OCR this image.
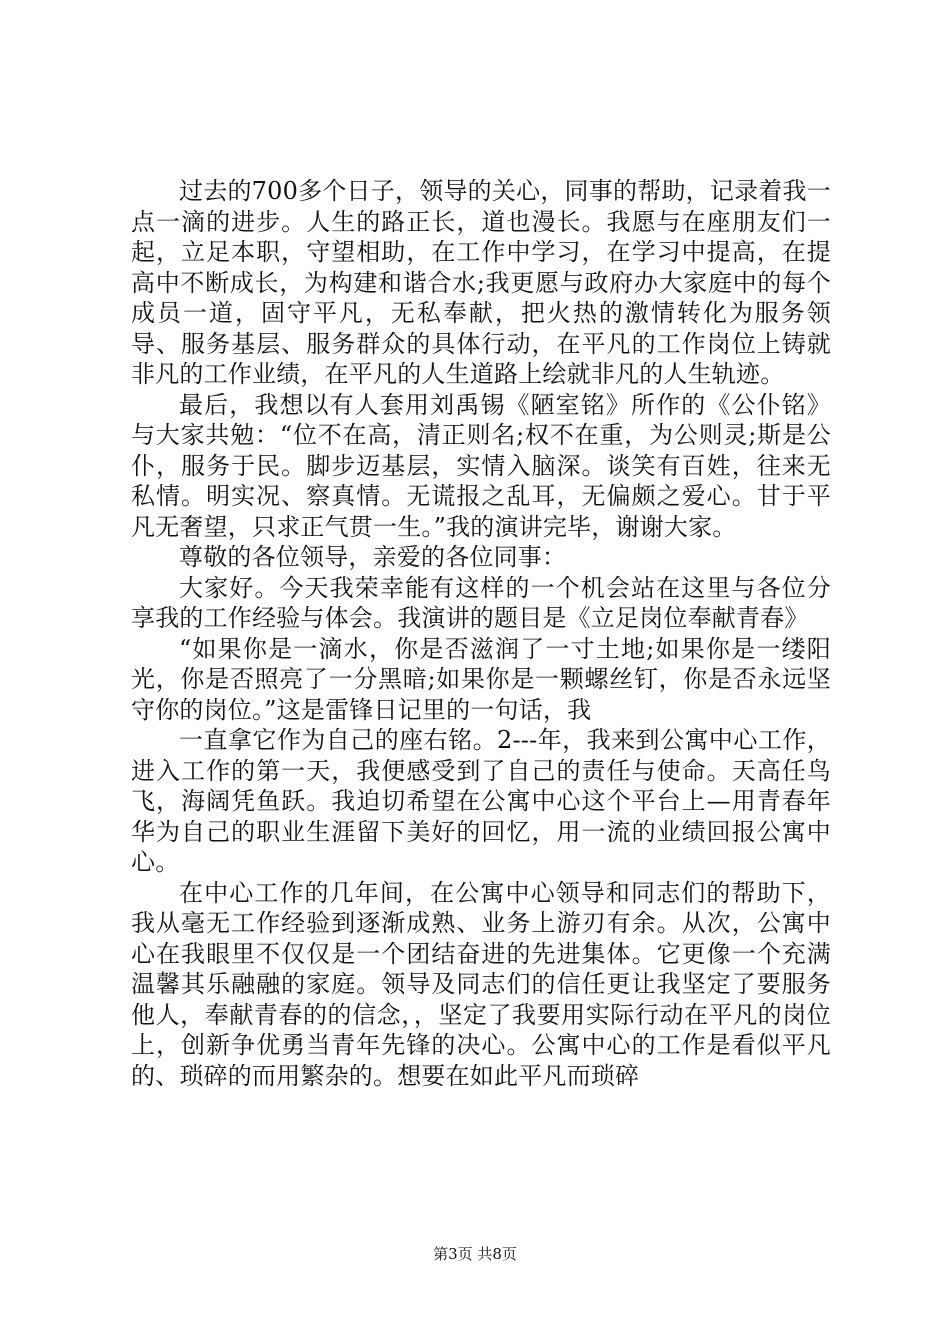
过去的700多个日子，领导的关心，同事的帮助，记录着我一点一滴的进步。人生的路正长，道也漫长。我愿与在座朋友们一起，立足本职，守望相助，在工作中学习，在学习中提高，在提高中不断成长，为构建和谐合水;我更愿与政府办大家庭中的每个成员一道，固守平凡，无私奉献，把火热的激情转化为服务领导、服务基层、服务群众的具体行动，在平凡的工作岗位上铸就非凡的工作业绩，在平凡的人生道路上绘就非凡的人生轨迹。

最后，我想以有人套用刘禹锡《陋室铭》所作的《公仆铭》与大家共勉：“位不在高，清正则名;权不在重，为公则灵;斯是公仆，服务于民。脚步迈基层，实情入脑深。谈笑有百姓，往来无私情。明实况、察真情。无谎报之乱耳，无偏颇之爱心。甘于平凡无奢望，只求正气贯一生。”我的演讲完毕，谢谢大家。

尊敬的各位领导，亲爱的各位同事：

大家好。今天我荣幸能有这样的一个机会站在这里与各位分享我的工作经验与体会。我演讲的题目是《立足岗位奉献青春》

“如果你是一滴水，你是否滋润了一寸土地;如果你是一缕阳光，你是否照亮了一分黑暗;如果你是一颗螺丝钉，你是否永远坚守你的岗位。”这是雷锋日记里的一句话，我

一直拿它作为自己的座右铭。2---年，我来到公寓中心工作，进入工作的第一天，我便感受到了自己的责任与使命。天高任鸟飞，海阔凭鱼跃。我迫切希望在公寓中心这个平台上—用青春年华为自己的职业生涯留下美好的回忆，用一流的业绩回报公寓中心。

在中心工作的几年间，在公寓中心领导和同志们的帮助下，我从毫无工作经验到逐渐成熟、业务上游刃有余。从次，公寓中心在我眼里不仅仅是一个团结奋进的先进集体。它更像一个充满温馨其乐融融的家庭。领导及同志们的信任更让我坚定了要服务他人，奉献青春的的信念，，坚定了我要用实际行动在平凡的岗位上，创新争优勇当青年先锋的决心。公寓中心的工作是看似平凡的、琐碎的而用繁杂的。想要在如此平凡而琐碎

第3页 共8页
